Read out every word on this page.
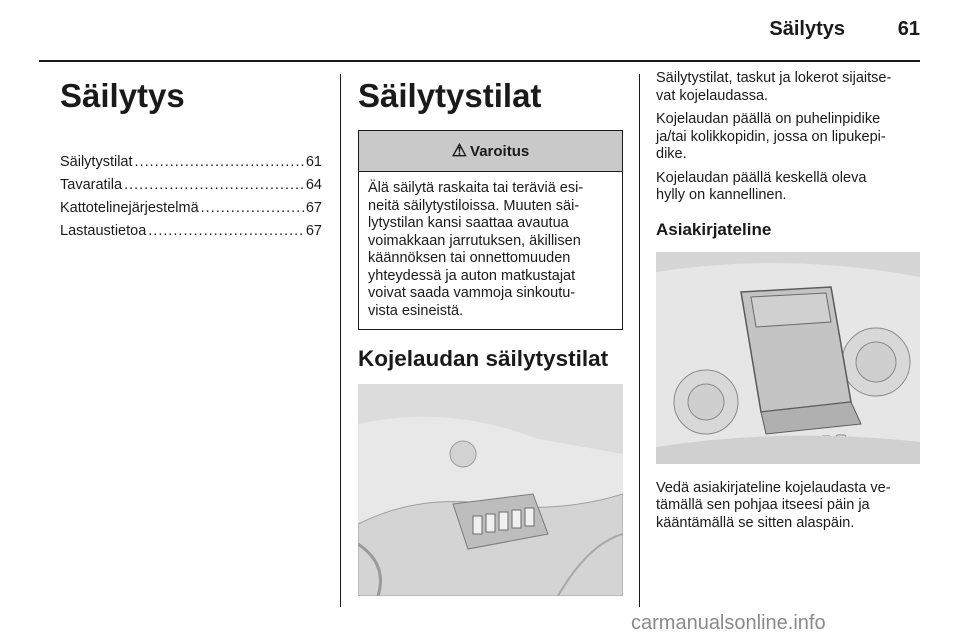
Säilytys	61
Säilytys
Säilytystilat .....	61
Tavaratila .....	64
Kattotelinejärjestelmä .....	67
Lastaustietoa .....	67
Säilytystilat
⚠ Varoitus
Älä säilytä raskaita tai teräviä esi-
neitä säilytystiloissa. Muuten säi-
lytystilan kansi saattaa avautua
voimakkaan jarrutuksen, äkillisen
käännöksen tai onnettomuuden
yhteydessä ja auton matkustajat
voivat saada vammoja sinkoutu-
vista esineistä.
Kojelaudan säilytystilat

Säilytystilat, taskut ja lokerot sijaitse-
vat kojelaudassa.

Kojelaudan päällä on puhelinpidike
ja/tai kolikkopidin, jossa on lipukepi-
dike.

Kojelaudan päällä keskellä oleva
hylly on kannellinen.

Asiakirjateline

Vedä asiakirjateline kojelaudasta ve-
tämällä sen pohjaa itseesi päin ja
kääntämällä se sitten alaspäin.

carmanualsonline.info
